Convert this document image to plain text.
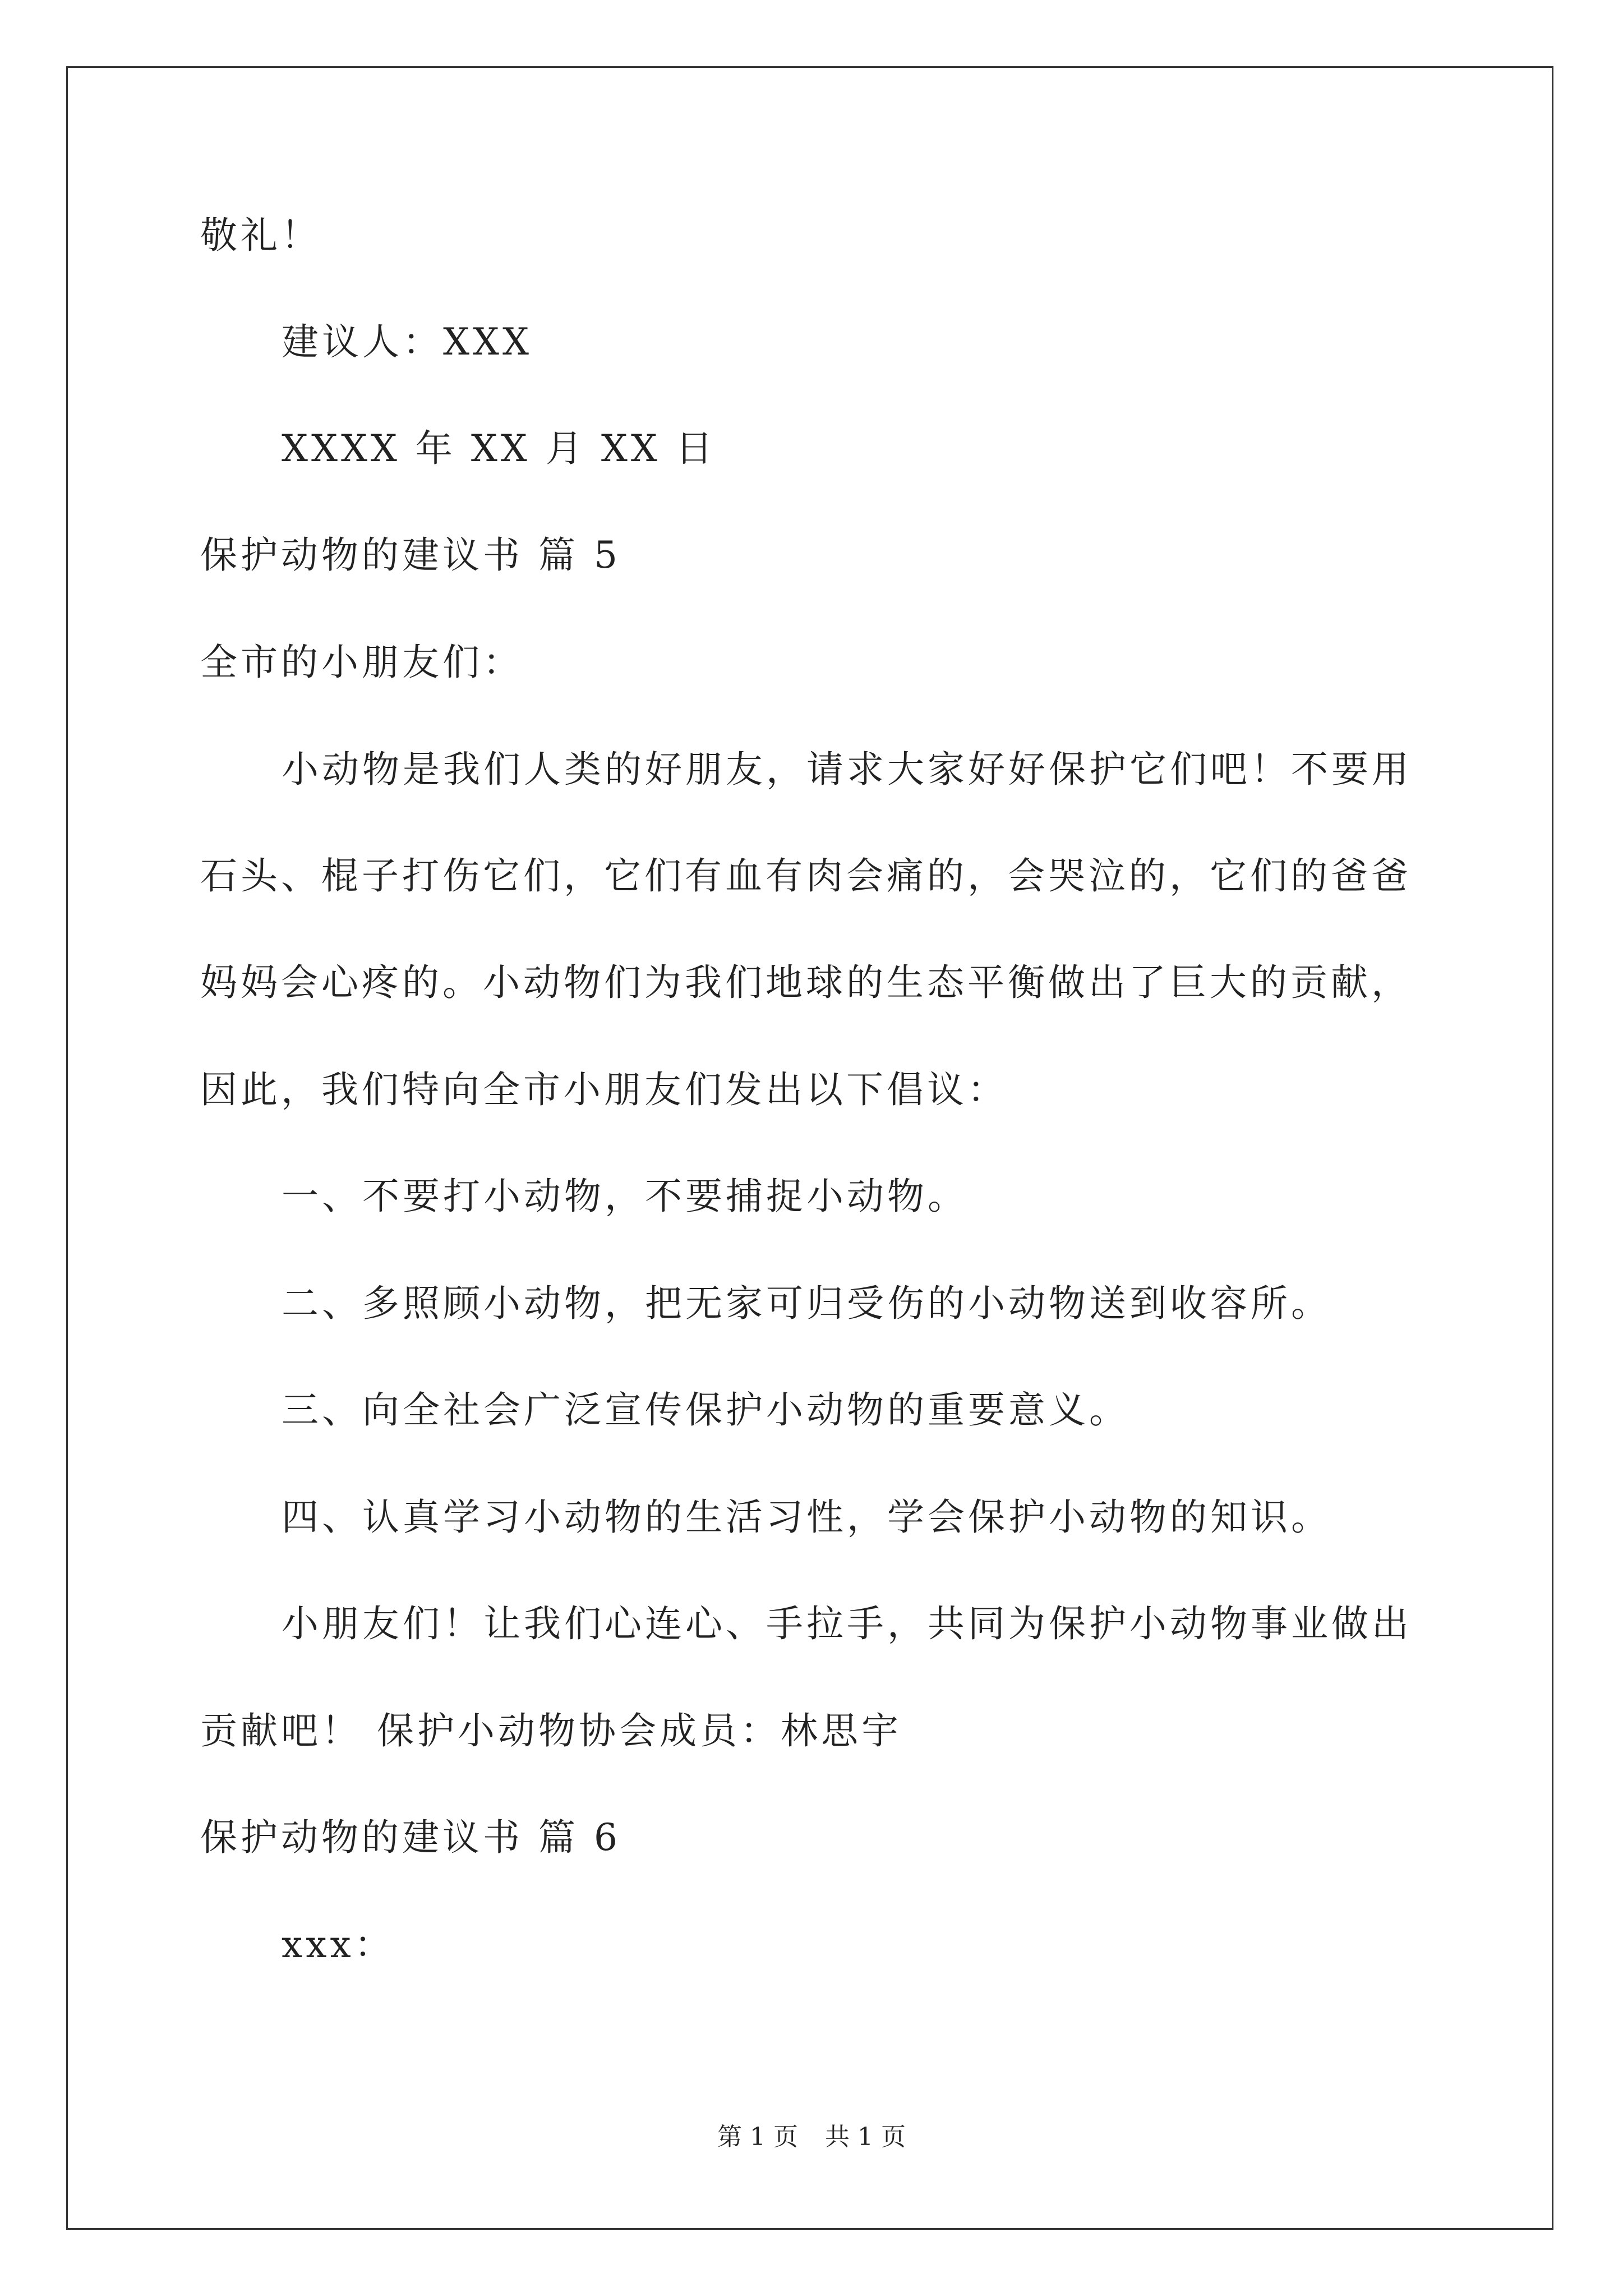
敬礼！
建议人：XXX
XXXX 年 XX 月 XX 日
保护动物的建议书 篇 5
全市的小朋友们：
小动物是我们人类的好朋友，请求大家好好保护它们吧！不要用
石头、棍子打伤它们，它们有血有肉会痛的，会哭泣的，它们的爸爸
妈妈会心疼的。小动物们为我们地球的生态平衡做出了巨大的贡献，
因此，我们特向全市小朋友们发出以下倡议：
一、不要打小动物，不要捕捉小动物。
二、多照顾小动物，把无家可归受伤的小动物送到收容所。
三、向全社会广泛宣传保护小动物的重要意义。
四、认真学习小动物的生活习性，学会保护小动物的知识。
小朋友们！让我们心连心、手拉手，共同为保护小动物事业做出
贡献吧！ 保护小动物协会成员：林思宇
保护动物的建议书 篇 6
xxx：
第 1 页 共 1 页
